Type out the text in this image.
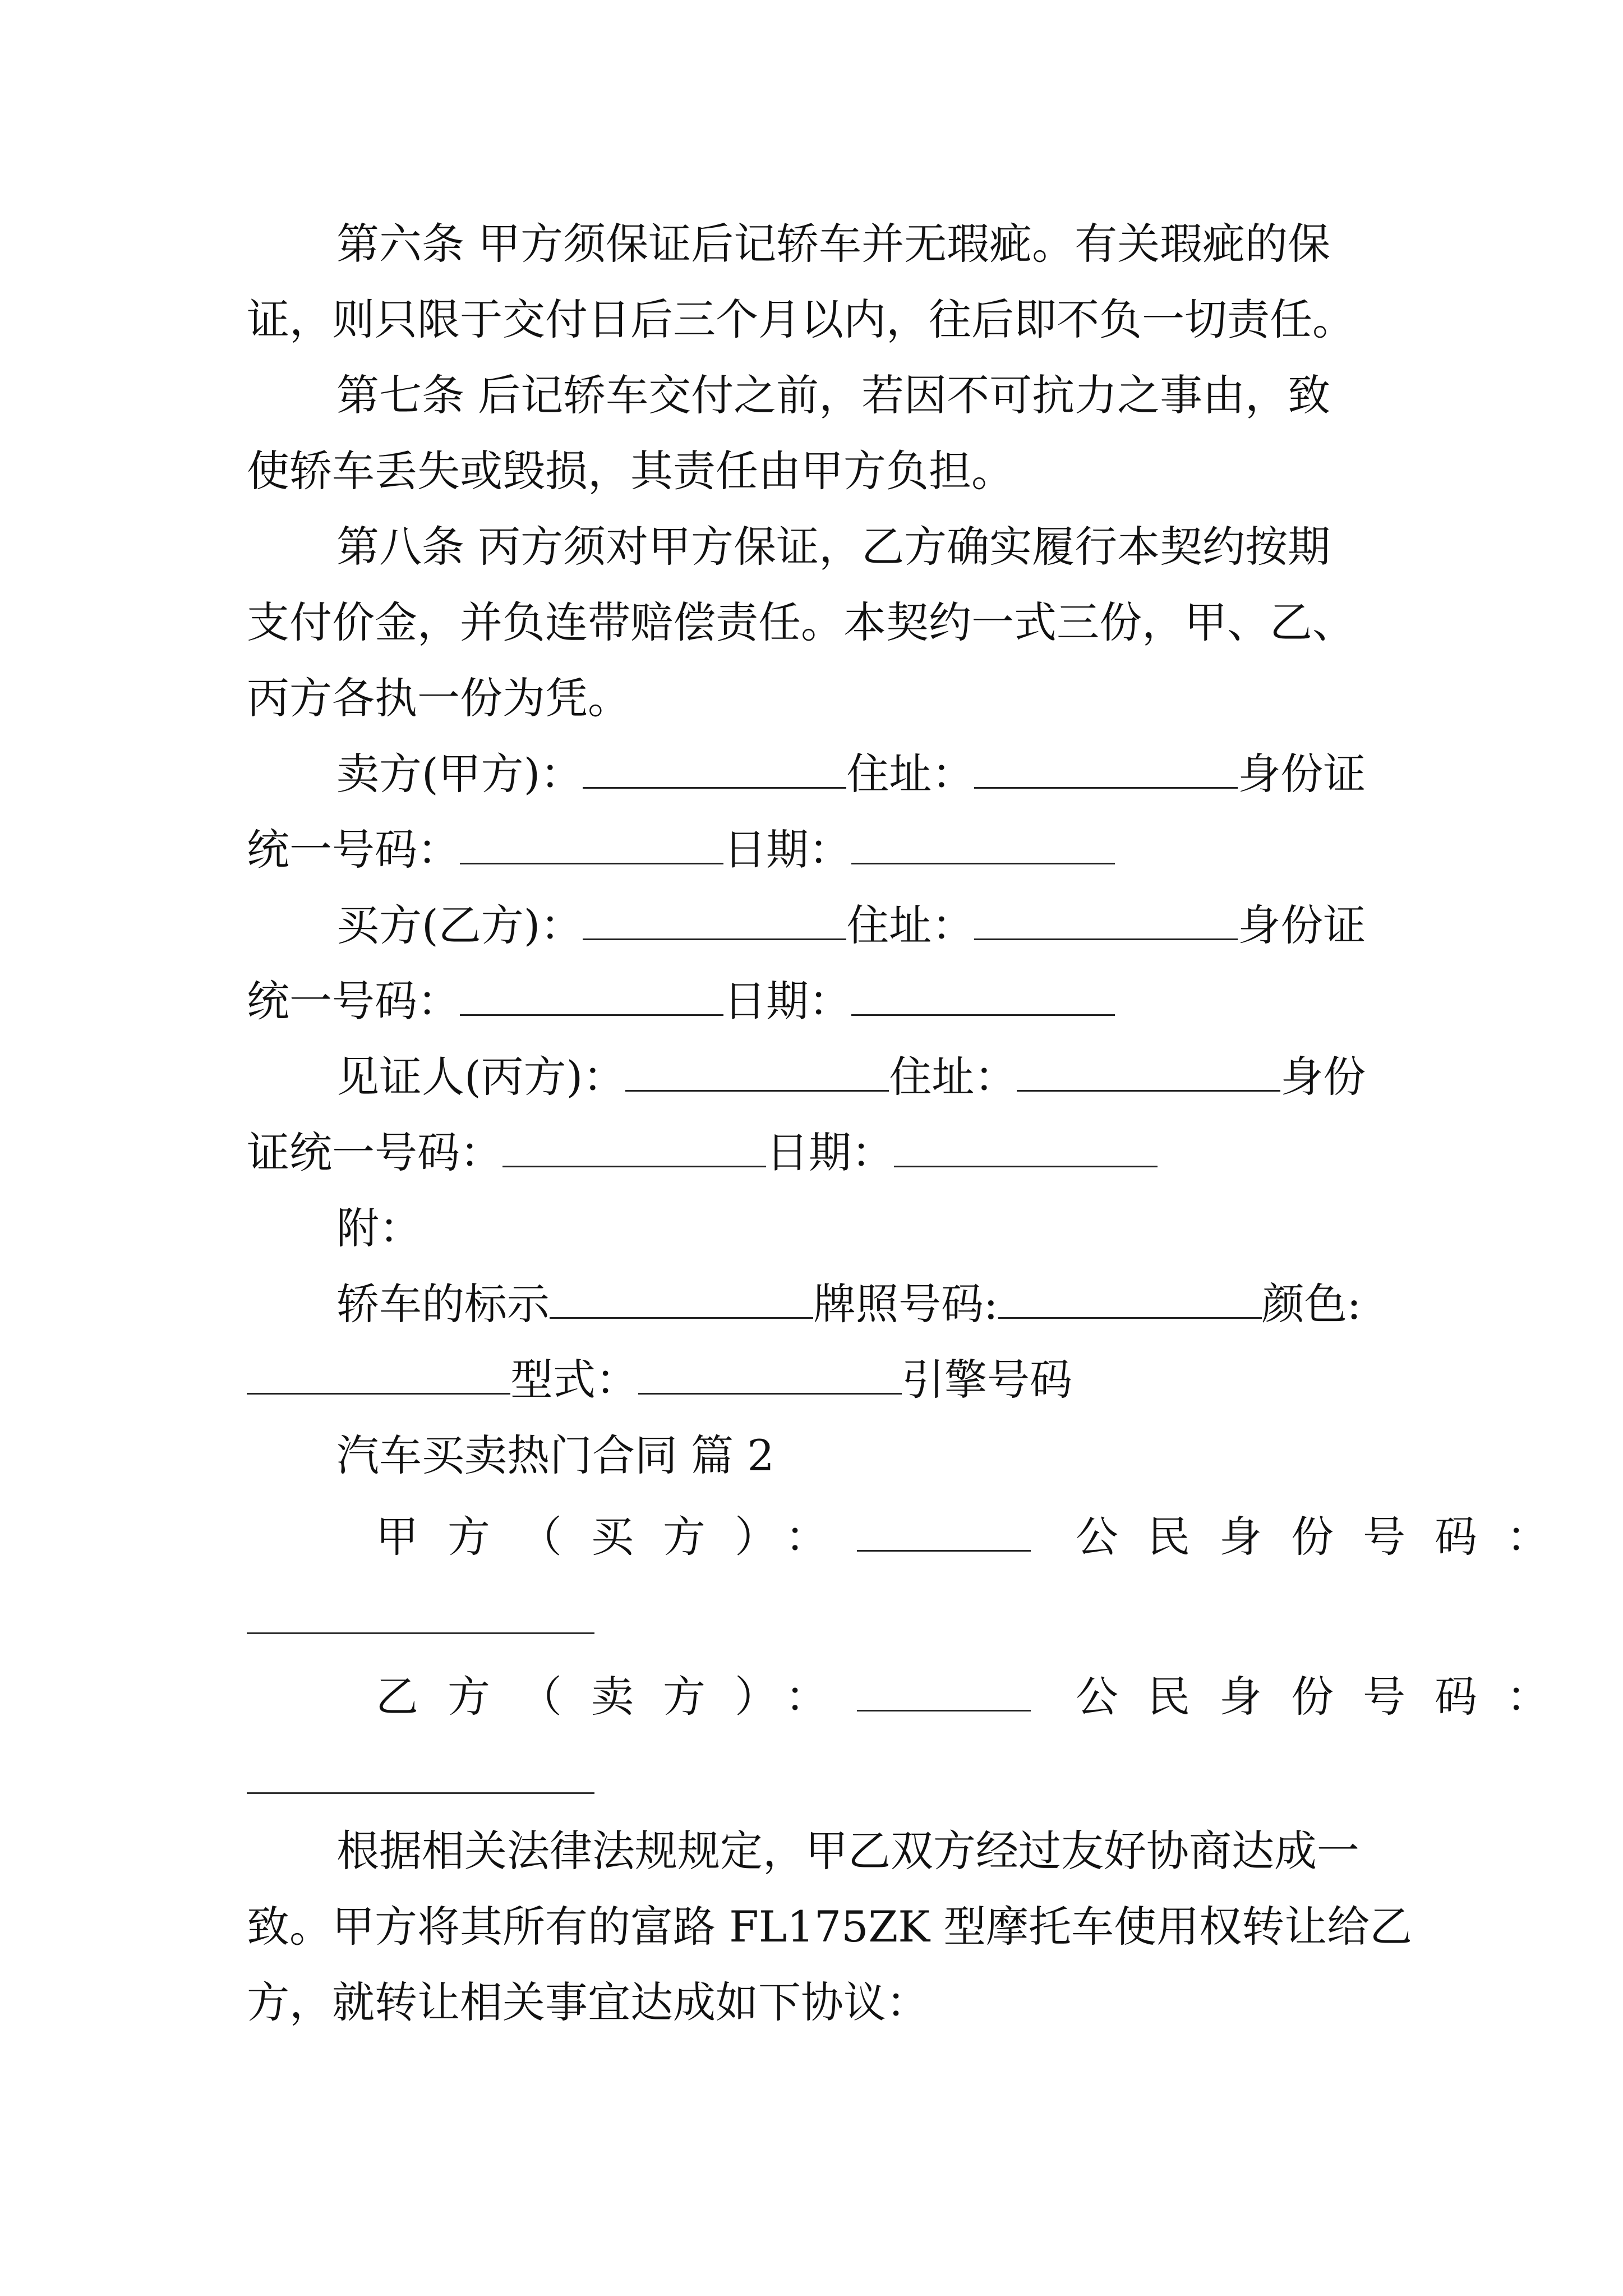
第六条 甲方须保证后记轿车并无瑕疵。有关瑕疵的保
证，则只限于交付日后三个月以内，往后即不负一切责任。
第七条 后记轿车交付之前，若因不可抗力之事由，致
使轿车丢失或毁损，其责任由甲方负担。
第八条 丙方须对甲方保证，乙方确实履行本契约按期
支付价金，并负连带赔偿责任。本契约一式三份，甲、乙、
丙方各执一份为凭。
卖方(甲方)：	住址：	身份证
统一号码：	日期：
买方(乙方)：	住址：	身份证
统一号码：	日期：
见证人(丙方)：	住址：	身份
证统一号码：	日期：
附：
轿车的标示	牌照号码:	颜色:
型式：	引擎号码
汽车买卖热门合同 篇 2
甲方（买方）：	公民身份号码：
乙方（卖方）：	公民身份号码：
根据相关法律法规规定，甲乙双方经过友好协商达成一
致。甲方将其所有的富路 FL175ZK 型摩托车使用权转让给乙
方，就转让相关事宜达成如下协议：
